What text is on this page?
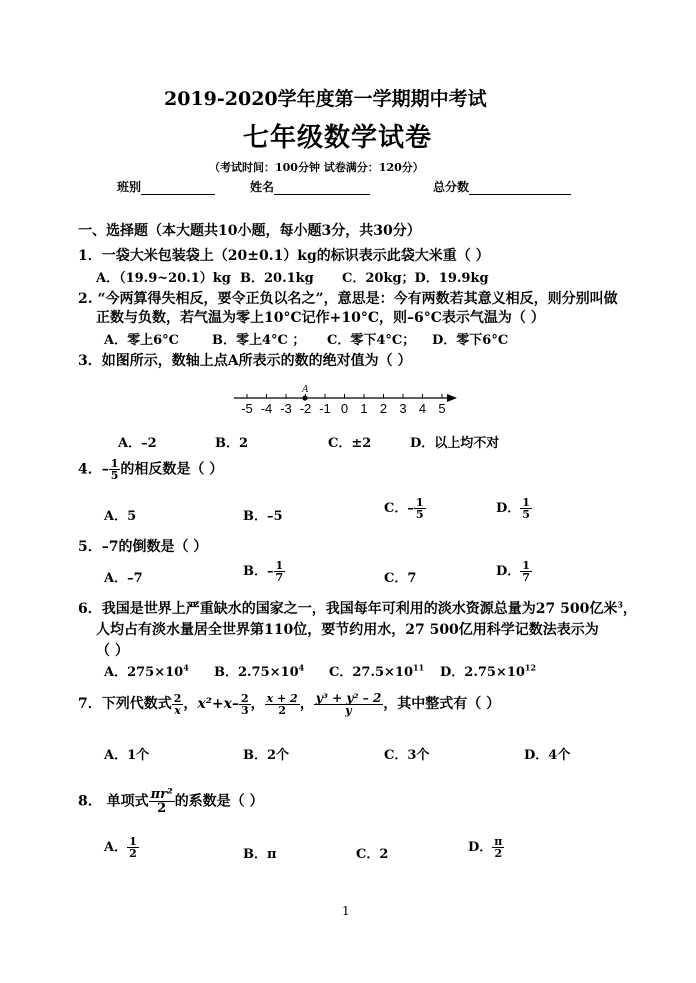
2019-2020学年度第一学期期中考试
七年级数学试卷
（考试时间：100分钟 试卷满分：120分）
班别	姓名	总分数
一、选择题（本大题共10小题，每小题3分，共30分）
1．一袋大米包装袋上（20±0.1）kg的标识表示此袋大米重（ ）
A．（19.9~20.1）kg B．20.1kg C．20kg；D．19.9kg
2. “今两算得失相反，要令正负以名之”，意思是：今有两数若其意义相反，则分别叫做
正数与负数，若气温为零上10°C记作+10°C，则–6°C表示气温为（ ）
A．零上6°C	B．零上4°C ； C．零下4°C； D．零下6°C
3．如图所示，数轴上点A所表示的数的绝对值为（ ）
-5 -4 -3 -2 -1 0 1 2 3 4 5
A
A．–2	B．2	C．±2	D．以上均不对
4．– $\frac{1}{5}$ 的相反数是（ ）
A．5	B．–5
C．– $\frac{1}{5}$	D． $\frac{1}{5}$
5．–7的倒数是（ ）
A．–7	B．– $\frac{1}{7}$	C．7	D． $\frac{1}{7}$
6．我国是世界上严重缺水的国家之一，我国每年可利用的淡水资源总量为27 500亿米$^3$，
人均占有淡水量居全世界第110位，要节约用水，27 500亿用科学记数法表示为
（ ）
A．$275\times 10^4$ B．$2.75\times 10^4$ C．$27.5\times 10^{11}$ D．$2.75\times 10^{12}$
7．下列代数式 $\frac{2}{x}$ ，$x^2+x- \frac{2}{3}$ ， $\frac{x + 2}{2}$ ， $\frac{\text{y³ + y² – 2}}{y}$ ，其中整式有（ ）
A．1个	B．2个	C．3个	D．4个
8． 单项式 $\frac{\text{πr²}}{2}$ 的系数是（ ）
A． $\frac{1}{2}$	B．π	C．2	D． $\frac{\pi}{2}$
1
